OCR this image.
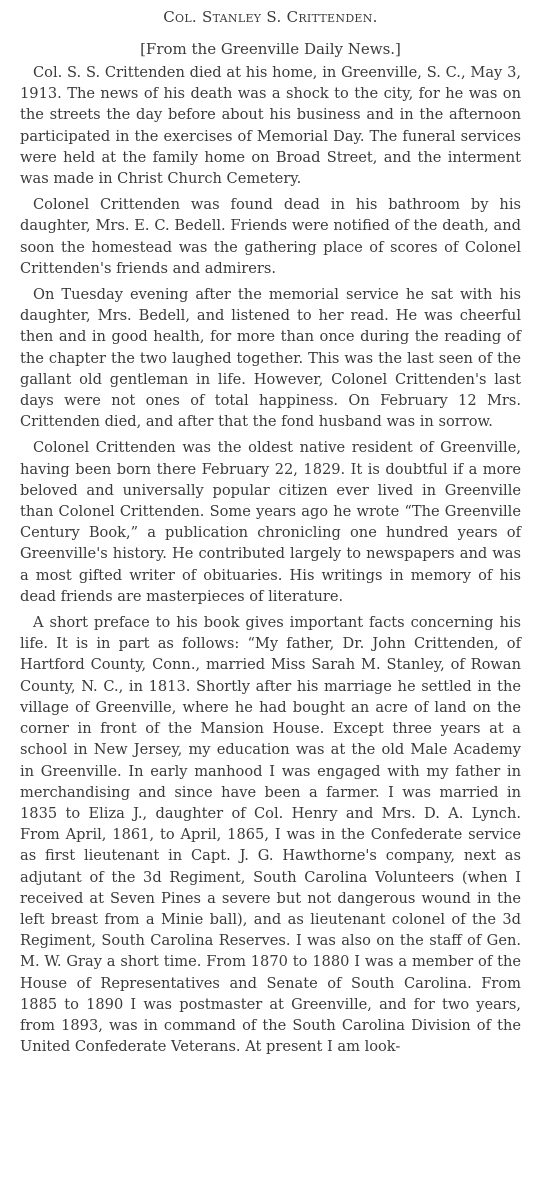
Col. Stanley S. Crittenden.
[From the Greenville Daily News.]

Col. S. S. Crittenden died at his home, in Greenville, S. C., May 3, 1913. The news of his death was a shock to the city, for he was on the streets the day before about his business and in the afternoon participated in the exercises of Memorial Day. The funeral services were held at the family home on Broad Street, and the interment was made in Christ Church Cemetery.

Colonel Crittenden was found dead in his bathroom by his daughter, Mrs. E. C. Bedell. Friends were notified of the death, and soon the homestead was the gathering place of scores of Colonel Crittenden's friends and admirers.

On Tuesday evening after the memorial service he sat with his daughter, Mrs. Bedell, and listened to her read. He was cheerful then and in good health, for more than once during the reading of the chapter the two laughed together. This was the last seen of the gallant old gentleman in life. However, Colonel Crittenden's last days were not ones of total happiness. On February 12 Mrs. Crittenden died, and after that the fond husband was in sorrow.

Colonel Crittenden was the oldest native resident of Greenville, having been born there February 22, 1829. It is doubtful if a more beloved and universally popular citizen ever lived in Greenville than Colonel Crittenden. Some years ago he wrote “The Greenville Century Book,” a publication chronicling one hundred years of Greenville's history. He contributed largely to newspapers and was a most gifted writer of obituaries. His writings in memory of his dead friends are masterpieces of literature.

A short preface to his book gives important facts concerning his life. It is in part as follows: “My father, Dr. John Crittenden, of Hartford County, Conn., married Miss Sarah M. Stanley, of Rowan County, N. C., in 1813. Shortly after his marriage he settled in the village of Greenville, where he had bought an acre of land on the corner in front of the Mansion House. Except three years at a school in New Jersey, my education was at the old Male Academy in Greenville. In early manhood I was engaged with my father in merchandising and since have been a farmer. I was married in 1835 to Eliza J., daughter of Col. Henry and Mrs. D. A. Lynch. From April, 1861, to April, 1865, I was in the Confederate service as first lieutenant in Capt. J. G. Hawthorne's company, next as adjutant of the 3d Regiment, South Carolina Volunteers (when I received at Seven Pines a severe but not dangerous wound in the left breast from a Minie ball), and as lieutenant colonel of the 3d Regiment, South Carolina Reserves. I was also on the staff of Gen. M. W. Gray a short time. From 1870 to 1880 I was a member of the House of Representatives and Senate of South Carolina. From 1885 to 1890 I was postmaster at Greenville, and for two years, from 1893, was in command of the South Carolina Division of the United Confederate Veterans. At present I am look-
